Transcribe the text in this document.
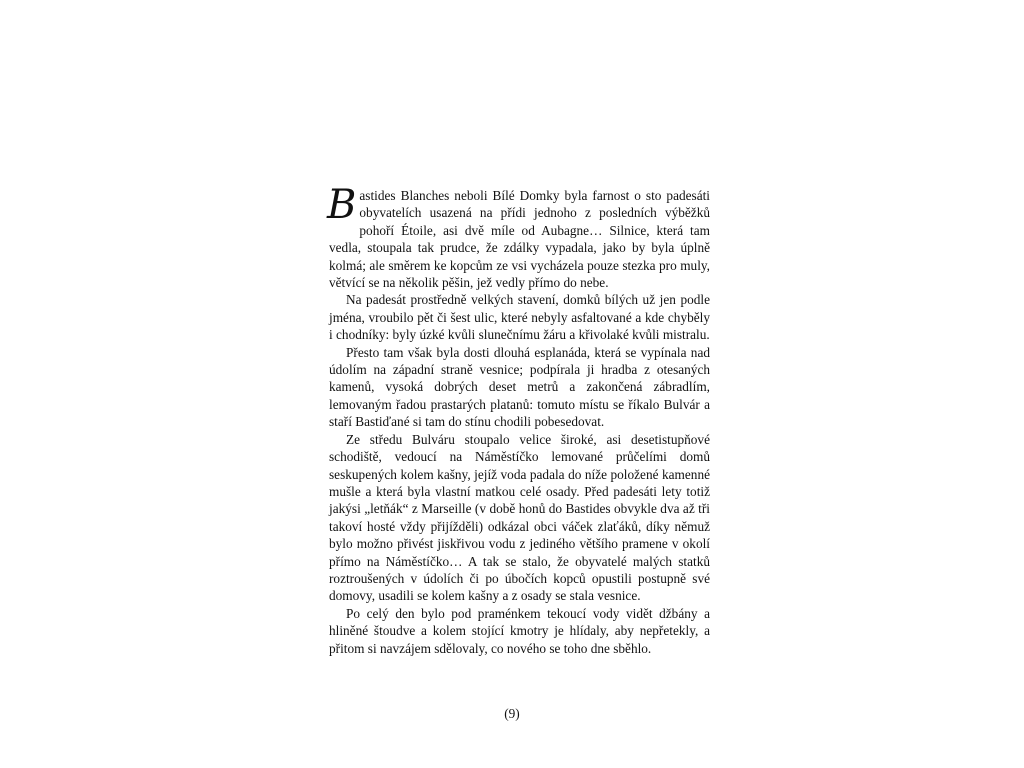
Bastides Blanches neboli Bílé Domky byla farnost o sto padesáti obyvatelích usazená na přídi jednoho z posledních výběžků pohoří Étoile, asi dvě míle od Aubagne… Silnice, která tam vedla, stoupala tak prudce, že zdálky vypadala, jako by byla úplně kolmá; ale směrem ke kopcům ze vsi vycházela pouze stezka pro muly, větvící se na několik pěšin, jež vedly přímo do nebe.

Na padesát prostředně velkých stavení, domků bílých už jen podle jména, vroubilo pět či šest ulic, které nebyly asfaltované a kde chyběly i chodníky: byly úzké kvůli slunečnímu žáru a křivolaké kvůli mistralu.

Přesto tam však byla dosti dlouhá esplanáda, která se vypínala nad údolím na západní straně vesnice; podpírala ji hradba z otesaných kamenů, vysoká dobrých deset metrů a zakončená zábradlím, lemovaným řadou prastarých platanů: tomuto místu se říkalo Bulvár a staří Bastiďané si tam do stínu chodili pobesedovat.

Ze středu Bulváru stoupalo velice široké, asi desetistupňové schodiště, vedoucí na Náměstíčko lemované průčelími domů seskupených kolem kašny, jejíž voda padala do níže položené kamenné mušle a která byla vlastní matkou celé osady. Před padesáti lety totiž jakýsi „letňák“ z Marseille (v době honů do Bastides obvykle dva až tři takoví hosté vždy přijížděli) odkázal obci váček zlaťáků, díky němuž bylo možno přivést jiskřivou vodu z jediného většího pramene v okolí přímo na Náměstíčko… A tak se stalo, že obyvatelé malých statků roztroušených v údolích či po úbočích kopců opustili postupně své domovy, usadili se kolem kašny a z osady se stala vesnice.

Po celý den bylo pod praménkem tekoucí vody vidět džbány a hliněné štoudve a kolem stojící kmotry je hlídaly, aby nepřetekly, a přitom si navzájem sdělovaly, co nového se toho dne sběhlo.

(9)
